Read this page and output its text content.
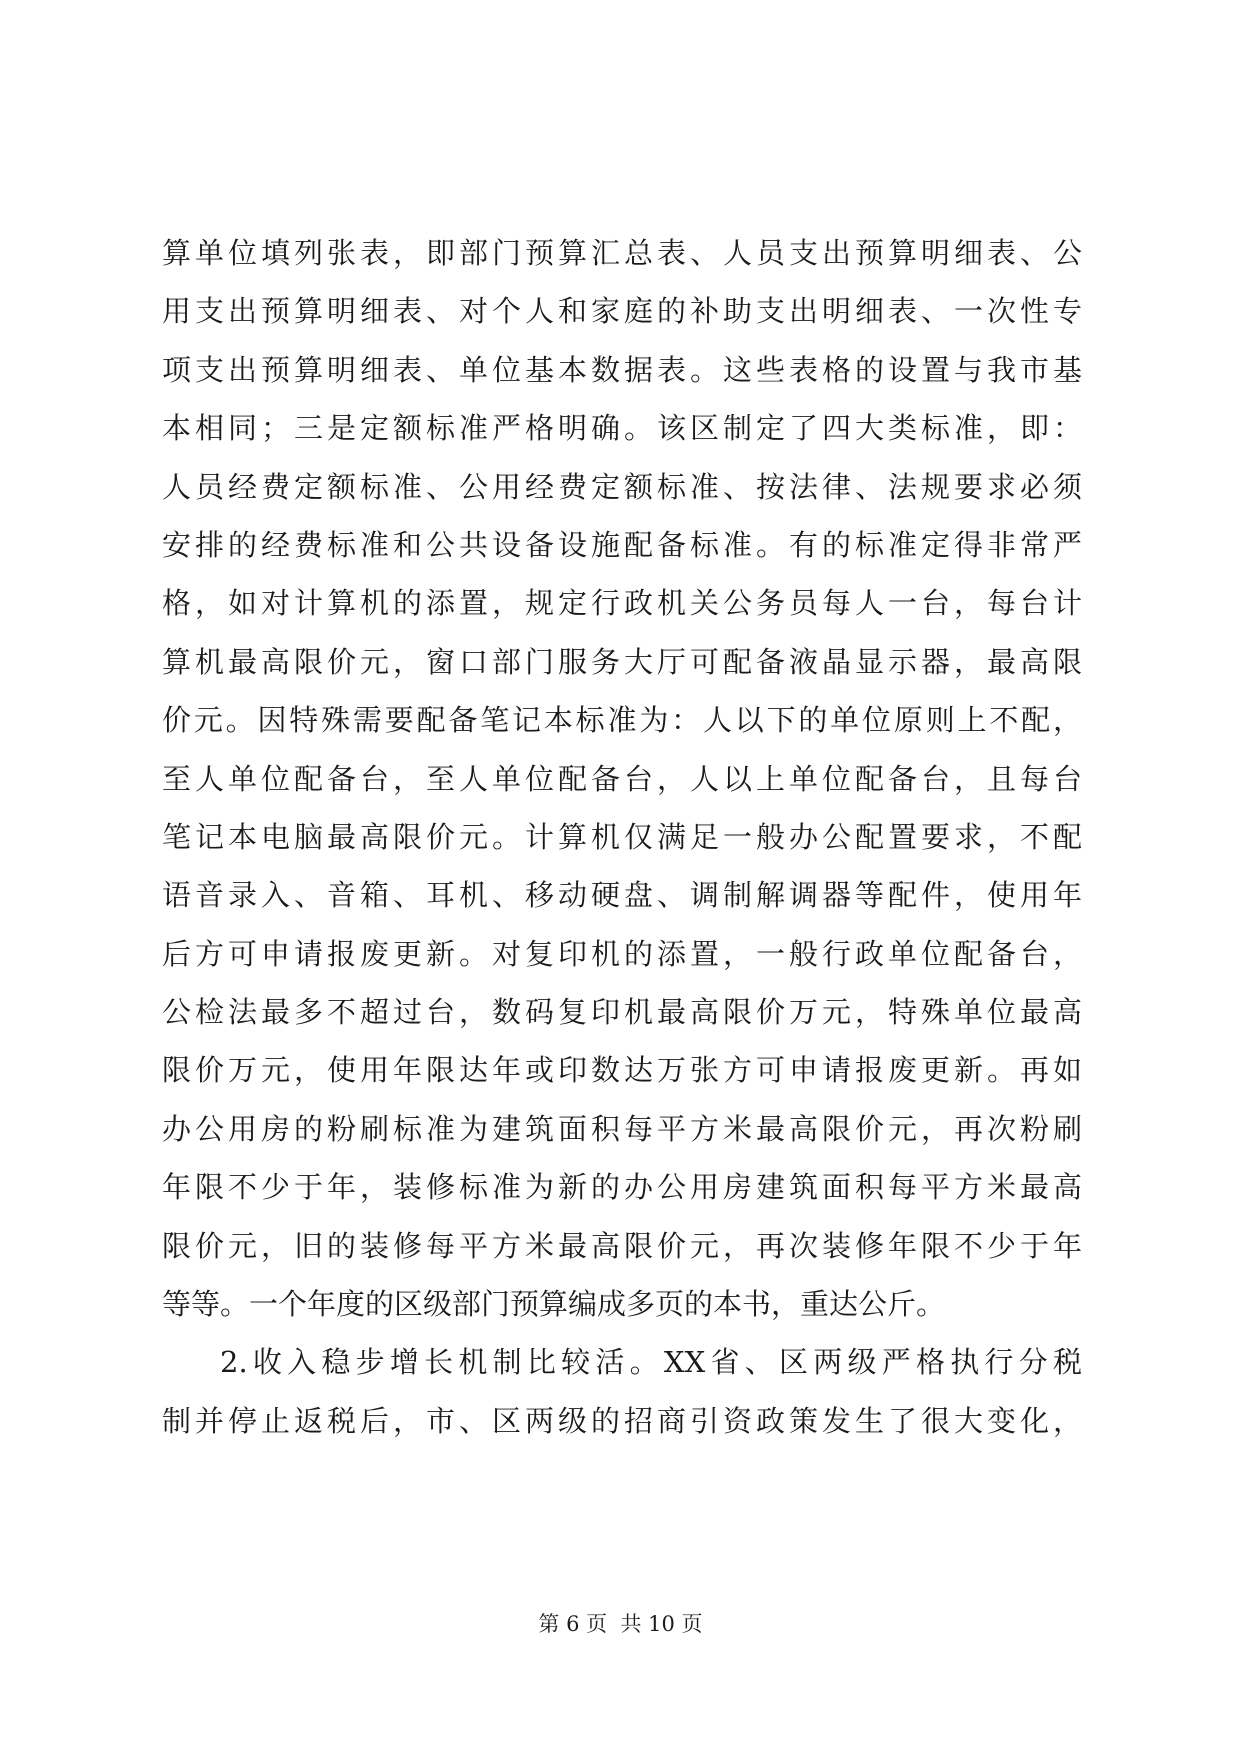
算单位填列张表，即部门预算汇总表、人员支出预算明细表、公
用支出预算明细表、对个人和家庭的补助支出明细表、一次性专
项支出预算明细表、单位基本数据表。这些表格的设置与我市基
本相同；三是定额标准严格明确。该区制定了四大类标准，即：
人员经费定额标准、公用经费定额标准、按法律、法规要求必须
安排的经费标准和公共设备设施配备标准。有的标准定得非常严
格，如对计算机的添置，规定行政机关公务员每人一台，每台计
算机最高限价元，窗口部门服务大厅可配备液晶显示器，最高限
价元。因特殊需要配备笔记本标准为：人以下的单位原则上不配，
至人单位配备台，至人单位配备台，人以上单位配备台，且每台
笔记本电脑最高限价元。计算机仅满足一般办公配置要求，不配
语音录入、音箱、耳机、移动硬盘、调制解调器等配件，使用年
后方可申请报废更新。对复印机的添置，一般行政单位配备台，
公检法最多不超过台，数码复印机最高限价万元，特殊单位最高
限价万元，使用年限达年或印数达万张方可申请报废更新。再如
办公用房的粉刷标准为建筑面积每平方米最高限价元，再次粉刷
年限不少于年，装修标准为新的办公用房建筑面积每平方米最高
限价元，旧的装修每平方米最高限价元，再次装修年限不少于年
等等。一个年度的区级部门预算编成多页的本书，重达公斤。
2.收入稳步增长机制比较活。XX省、区两级严格执行分税
制并停止返税后，市、区两级的招商引资政策发生了很大变化，
第 6 页  共 10 页
